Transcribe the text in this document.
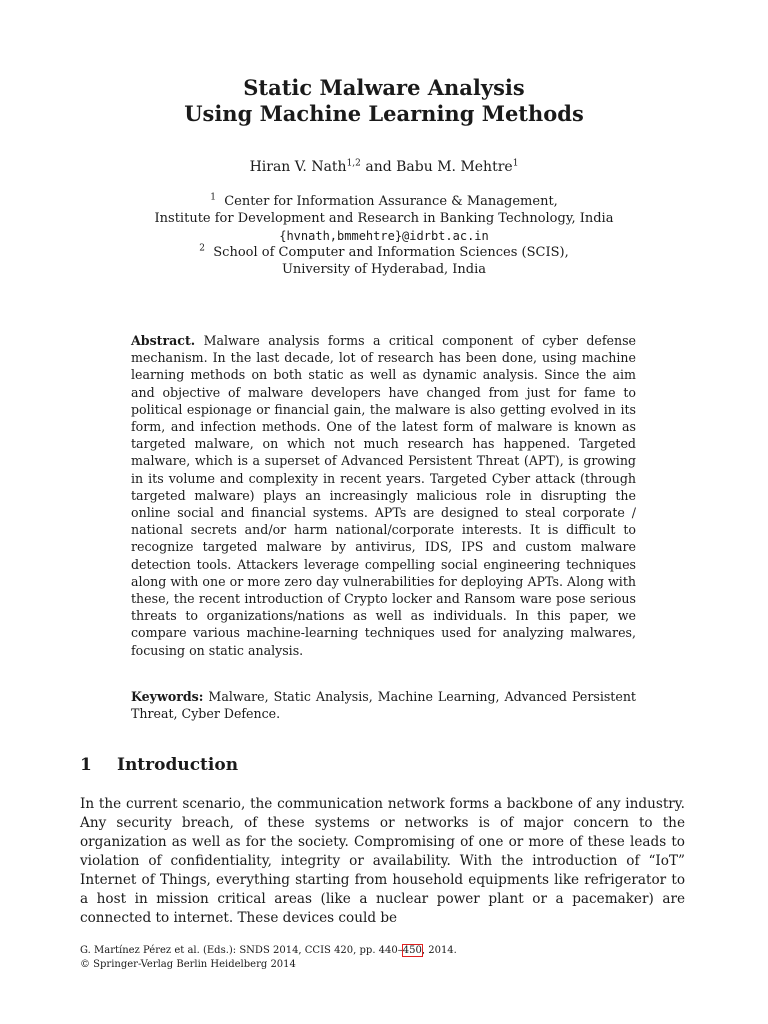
Static Malware Analysis
Using Machine Learning Methods
Hiran V. Nath$^{1,2}$ and Babu M. Mehtre$^1$
$^1$ Center for Information Assurance & Management,
Institute for Development and Research in Banking Technology, India
{hvnath,bmmehtre}@idrbt.ac.in
$^2$ School of Computer and Information Sciences (SCIS),
University of Hyderabad, India
Abstract. Malware analysis forms a critical component of cyber defense mechanism. In the last decade, lot of research has been done, using machine learning methods on both static as well as dynamic analysis. Since the aim and objective of malware developers have changed from just for fame to political espionage or financial gain, the malware is also getting evolved in its form, and infection methods. One of the latest form of malware is known as targeted malware, on which not much research has happened. Targeted malware, which is a superset of Advanced Persistent Threat (APT), is growing in its volume and complexity in recent years. Targeted Cyber attack (through targeted malware) plays an increasingly malicious role in disrupting the online social and financial systems. APTs are designed to steal corporate / national secrets and/or harm national/corporate interests. It is difficult to recognize targeted malware by antivirus, IDS, IPS and custom malware detection tools. Attackers leverage compelling social engineering techniques along with one or more zero day vulnerabilities for deploying APTs. Along with these, the recent introduction of Crypto locker and Ransom ware pose serious threats to organizations/nations as well as individuals. In this paper, we compare various machine-learning techniques used for analyzing malwares, focusing on static analysis.
Keywords: Malware, Static Analysis, Machine Learning, Advanced Persistent Threat, Cyber Defence.
1 Introduction
In the current scenario, the communication network forms a backbone of any industry. Any security breach, of these systems or networks is of major concern to the organization as well as for the society. Compromising of one or more of these leads to violation of confidentiality, integrity or availability. With the introduction of “IoT” Internet of Things, everything starting from household equipments like refrigerator to a host in mission critical areas (like a nuclear power plant or a pacemaker) are connected to internet. These devices could be
G. Martínez Pérez et al. (Eds.): SNDS 2014, CCIS 420, pp. 440–450, 2014.
© Springer-Verlag Berlin Heidelberg 2014
